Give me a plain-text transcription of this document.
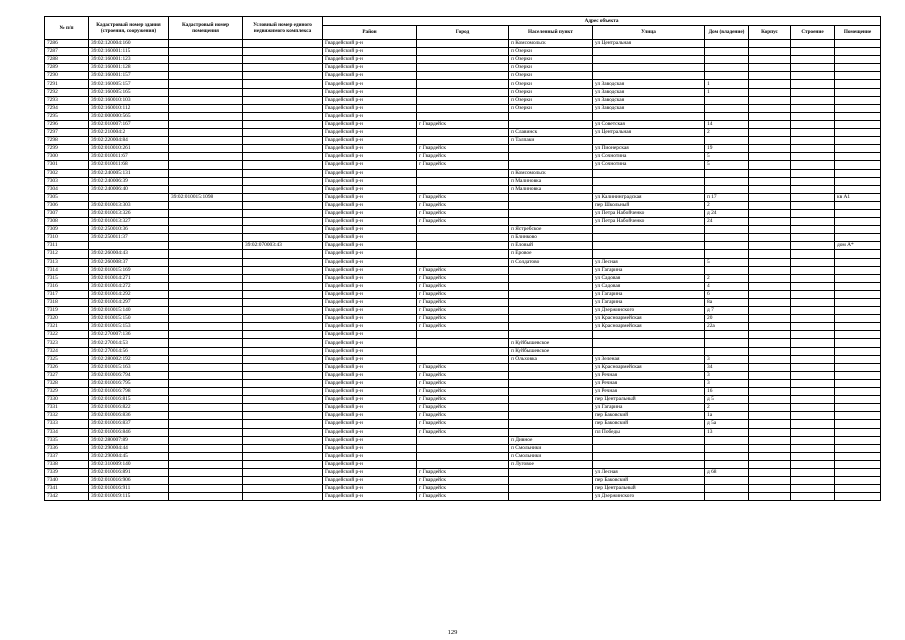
№ п/п	Кадастровый номер здания (строения, сооружения)	Кадастровый номер помещения	Условный номер единого недвижимого комплекса	Адрес объекта							
				Район	Город	Населенный пункт	Улица	Дом (владение)	Корпус	Строение	Помещение
7286	39:02:120004:160			Гвардейский р-н		п Комсомольск	ул Центральная				
7287	39:02:160001:115			Гвардейский р-н		п Озерки					
7288	39:02:160001:123			Гвардейский р-н		п Озерки					
7289	39:02:160001:128			Гвардейский р-н		п Озерки					
7290	39:02:160001:157			Гвардейский р-н		п Озерки					
7291	39:02:160005:157			Гвардейский р-н		п Озерки	ул Заводская	1			
7292	39:02:160005:165			Гвардейский р-н		п Озерки	ул Заводская	1			
7293	39:02:160010:103			Гвардейский р-н		п Озерки	ул Заводская				
7294	39:02:160010:112			Гвардейский р-н		п Озерки	ул Заводская				
7295	39:02:000000:565			Гвардейский р-н							
7296	39:02:010007:167			Гвардейский р-н	г Гвардейск		ул Советская	14			
7297	39:02:210004:2			Гвардейский р-н		п Славинск	ул Центральная	2			
7298	39:02:220004:84			Гвардейский р-н		п Талпаки					
7299	39:02:010010:261			Гвардейский р-н	г Гвардейск		ул Пионерская	19			
7300	39:02:010011:67			Гвардейский р-н	г Гвардейск		ул Сочнотина	5			
7301	39:02:010011:68			Гвардейский р-н	г Гвардейск		ул Сочнотина	5			
7302	39:02:240005:131			Гвардейский р-н		п Комсомольск					
7303	39:02:240006:39			Гвардейский р-н		п Малиновка					
7304	39:02:240006:40			Гвардейский р-н		п Малиновка					
7305		39:02:010015:1098		Гвардейский р-н	г Гвардейск		ул Калининградская	п 17			кв А1
7306	39:02:010013:303			Гвардейский р-н	г Гвардейск		пер Школьный	2			
7307	39:02:010013:326			Гвардейский р-н	г Гвардейск		ул Петра Набойченко	д 24			
7308	39:02:010013:327			Гвардейский р-н	г Гвардейск		ул Петра Набойченко	24			
7309	39:02:250010:36			Гвардейский р-н		п Ястребское					
7310	39:02:250011:37			Гвардейский р-н		п Блинково					
7311			39:02:070003:43	Гвардейский р-н		п Еловый					дом А*
7312	39:02:260004:43			Гвардейский р-н		п Еровое					
7313	39:02:260008:37			Гвардейский р-н		п Солдатово	ул Лесная	5			
7314	39:02:010015:169			Гвардейский р-н	г Гвардейск		ул Гагарина				
7315	39:02:010014:271			Гвардейский р-н	г Гвардейск		ул Садовая	2			
7316	39:02:010014:272			Гвардейский р-н	г Гвардейск		ул Садовая	4			
7317	39:02:010014:292			Гвардейский р-н	г Гвардейск		ул Гагарина	6			
7318	39:02:010014:297			Гвардейский р-н	г Гвардейск		ул Гагарина	8а			
7319	39:02:010015:140			Гвардейский р-н	г Гвардейск		ул Дзержинского	д 7			
7320	39:02:010015:150			Гвардейский р-н	г Гвардейск		ул Красноармейская	20			
7321	39:02:010015:153			Гвардейский р-н	г Гвардейск		ул Красноармейская	22а			
7322	39:02:270007:136			Гвардейский р-н							
7323	39:02:270014:53			Гвардейский р-н		п Куйбышевское					
7324	39:02:270014:56			Гвардейский р-н		п Куйбышевское					
7325	39:02:280002:192			Гвардейский р-н		п Ольховка	ул Зеленая	3			
7326	39:02:010015:163			Гвардейский р-н	г Гвардейск		ул Красноармейская	34			
7327	39:02:010016:794			Гвардейский р-н	г Гвардейск		ул Речная	3			
7328	39:02:010016:795			Гвардейский р-н	г Гвардейск		ул Речная	3			
7329	39:02:010016:798			Гвардейский р-н	г Гвардейск		ул Речная	16			
7330	39:02:010016:815			Гвардейский р-н	г Гвардейск		пер Центральный	д 5			
7331	39:02:010016:822			Гвардейский р-н	г Гвардейск		ул Гагарина	2			
7332	39:02:010016:836			Гвардейский р-н	г Гвардейск		пер Баковский	1а			
7333	39:02:010016:837			Гвардейский р-н	г Гвардейск		пер Баковский	д 5а			
7334	39:02:010016:846			Гвардейский р-н	г Гвардейск		пл Победы	13			
7335	39:02:280007:89			Гвардейский р-н		п Дивное					
7336	39:02:290004:44			Гвардейский р-н		п Смольники					
7337	39:02:290004:45			Гвардейский р-н		п Смольники					
7338	39:02:310009:140			Гвардейский р-н		п Луговое					
7339	39:02:010016:891			Гвардейский р-н	г Гвардейск		ул Лесная	д 68			
7340	39:02:010016:906			Гвардейский р-н	г Гвардейск		пер Баковский				
7341	39:02:010016:911			Гвардейский р-н	г Гвардейск		пер Центральный				
7342	39:02:010019:115			Гвардейский р-н	г Гвардейск		ул Дзержинского				
129
